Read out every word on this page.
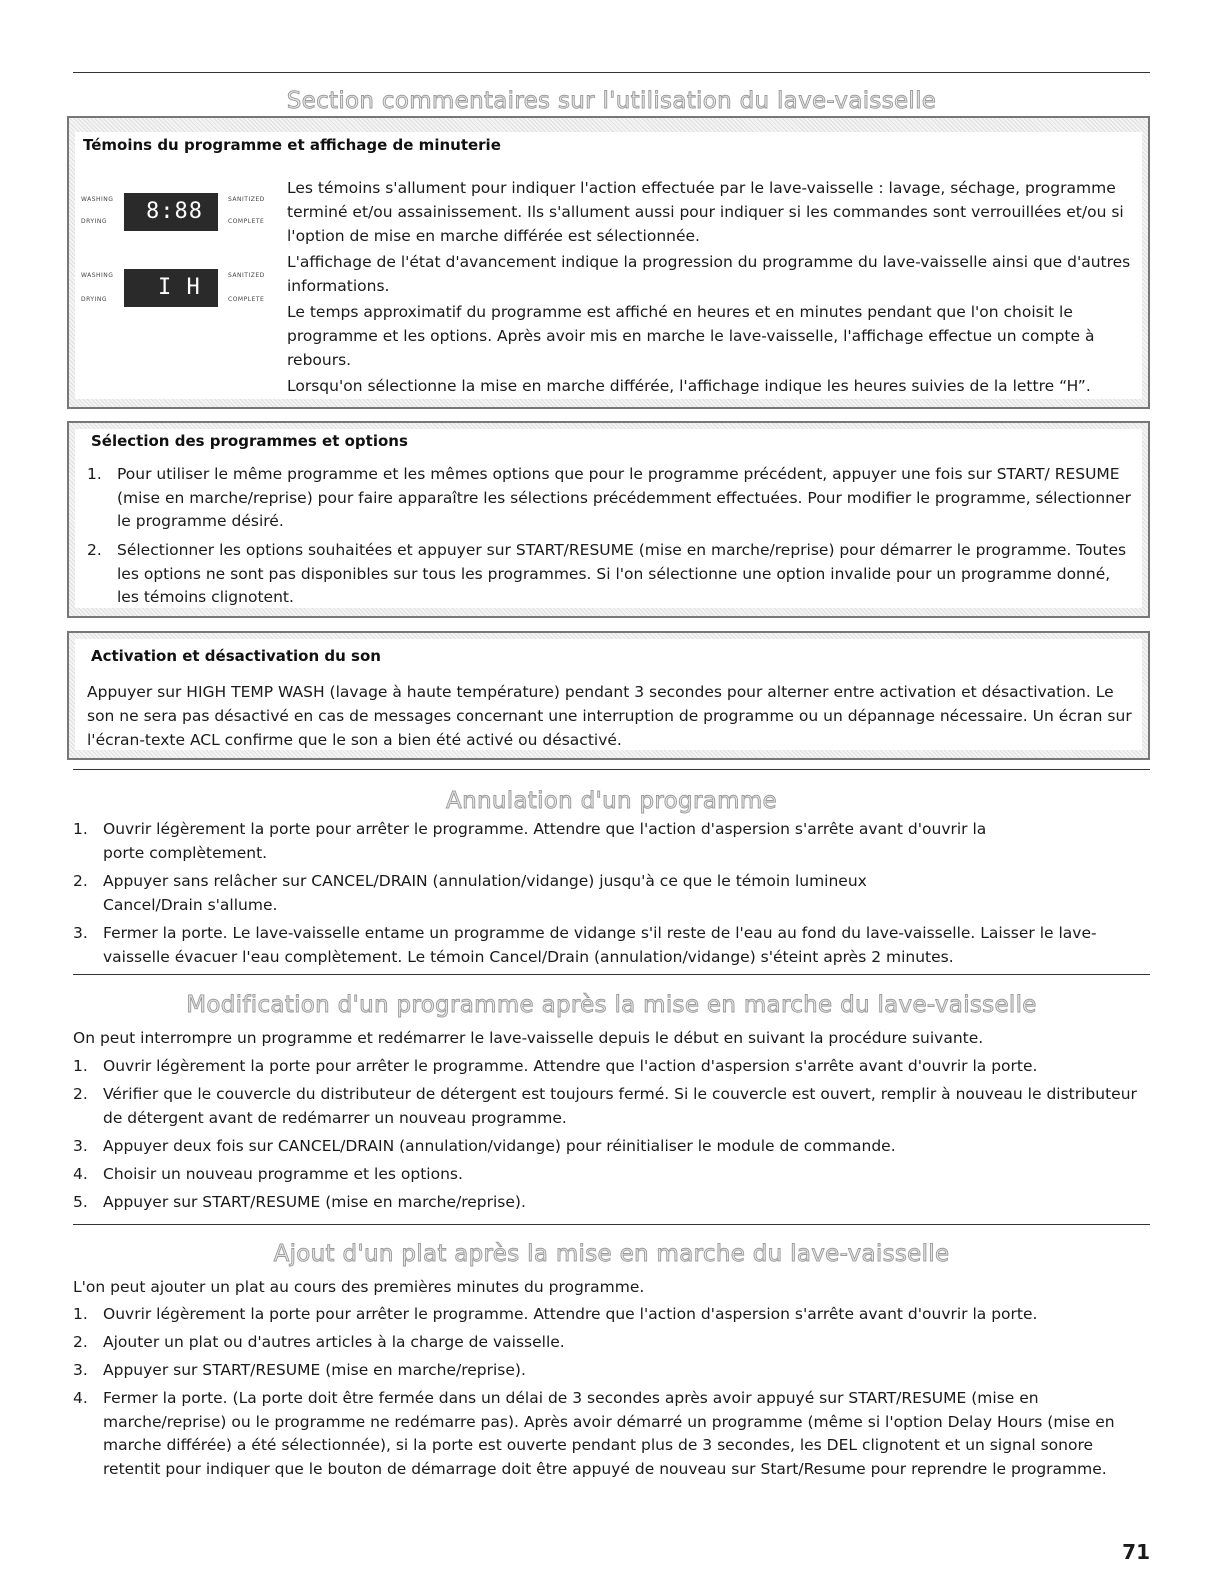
Section commentaires sur l'utilisation du lave-vaisselle
Témoins du programme et affichage de minuterie
WASHING
DRYING 8:88	SANITIZED
COMPLETE
WASHING
DRYING I H	SANITIZED
COMPLETE
Les témoins s'allument pour indiquer l'action effectuée par le lave-vaisselle : lavage, séchage, programme terminé et/ou assainissement. Ils s'allument aussi pour indiquer si les commandes sont verrouillées et/ou si l'option de mise en marche différée est sélectionnée.
L'affichage de l'état d'avancement indique la progression du programme du lave-vaisselle ainsi que d'autres informations.
Le temps approximatif du programme est affiché en heures et en minutes pendant que l'on choisit le programme et les options. Après avoir mis en marche le lave-vaisselle, l'affichage effectue un compte à rebours.
Lorsqu'on sélectionne la mise en marche différée, l'affichage indique les heures suivies de la lettre “H”.
Sélection des programmes et options
1. Pour utiliser le même programme et les mêmes options que pour le programme précédent, appuyer une fois sur START/ RESUME (mise en marche/reprise) pour faire apparaître les sélections précédemment effectuées. Pour modifier le programme, sélectionner le programme désiré.
2. Sélectionner les options souhaitées et appuyer sur START/RESUME (mise en marche/reprise) pour démarrer le programme. Toutes les options ne sont pas disponibles sur tous les programmes. Si l'on sélectionne une option invalide pour un programme donné, les témoins clignotent.
Activation et désactivation du son
Appuyer sur HIGH TEMP WASH (lavage à haute température) pendant 3 secondes pour alterner entre activation et désactivation. Le son ne sera pas désactivé en cas de messages concernant une interruption de programme ou un dépannage nécessaire. Un écran sur l'écran-texte ACL confirme que le son a bien été activé ou désactivé.
Annulation d'un programme
1. Ouvrir légèrement la porte pour arrêter le programme. Attendre que l'action d'aspersion s'arrête avant d'ouvrir la porte complètement.
2. Appuyer sans relâcher sur CANCEL/DRAIN (annulation/vidange) jusqu'à ce que le témoin lumineux Cancel/Drain s'allume.
3. Fermer la porte. Le lave-vaisselle entame un programme de vidange s'il reste de l'eau au fond du lave-vaisselle. Laisser le lave-vaisselle évacuer l'eau complètement. Le témoin Cancel/Drain (annulation/vidange) s'éteint après 2 minutes.
Modification d'un programme après la mise en marche du lave-vaisselle
On peut interrompre un programme et redémarrer le lave-vaisselle depuis le début en suivant la procédure suivante.
1. Ouvrir légèrement la porte pour arrêter le programme. Attendre que l'action d'aspersion s'arrête avant d'ouvrir la porte.
2. Vérifier que le couvercle du distributeur de détergent est toujours fermé. Si le couvercle est ouvert, remplir à nouveau le distributeur de détergent avant de redémarrer un nouveau programme.
3. Appuyer deux fois sur CANCEL/DRAIN (annulation/vidange) pour réinitialiser le module de commande.
4. Choisir un nouveau programme et les options.
5. Appuyer sur START/RESUME (mise en marche/reprise).
Ajout d'un plat après la mise en marche du lave-vaisselle
L'on peut ajouter un plat au cours des premières minutes du programme.
1. Ouvrir légèrement la porte pour arrêter le programme. Attendre que l'action d'aspersion s'arrête avant d'ouvrir la porte.
2. Ajouter un plat ou d'autres articles à la charge de vaisselle.
3. Appuyer sur START/RESUME (mise en marche/reprise).
4. Fermer la porte. (La porte doit être fermée dans un délai de 3 secondes après avoir appuyé sur START/RESUME (mise en marche/reprise) ou le programme ne redémarre pas). Après avoir démarré un programme (même si l'option Delay Hours (mise en marche différée) a été sélectionnée), si la porte est ouverte pendant plus de 3 secondes, les DEL clignotent et un signal sonore retentit pour indiquer que le bouton de démarrage doit être appuyé de nouveau sur Start/Resume pour reprendre le programme.
71
